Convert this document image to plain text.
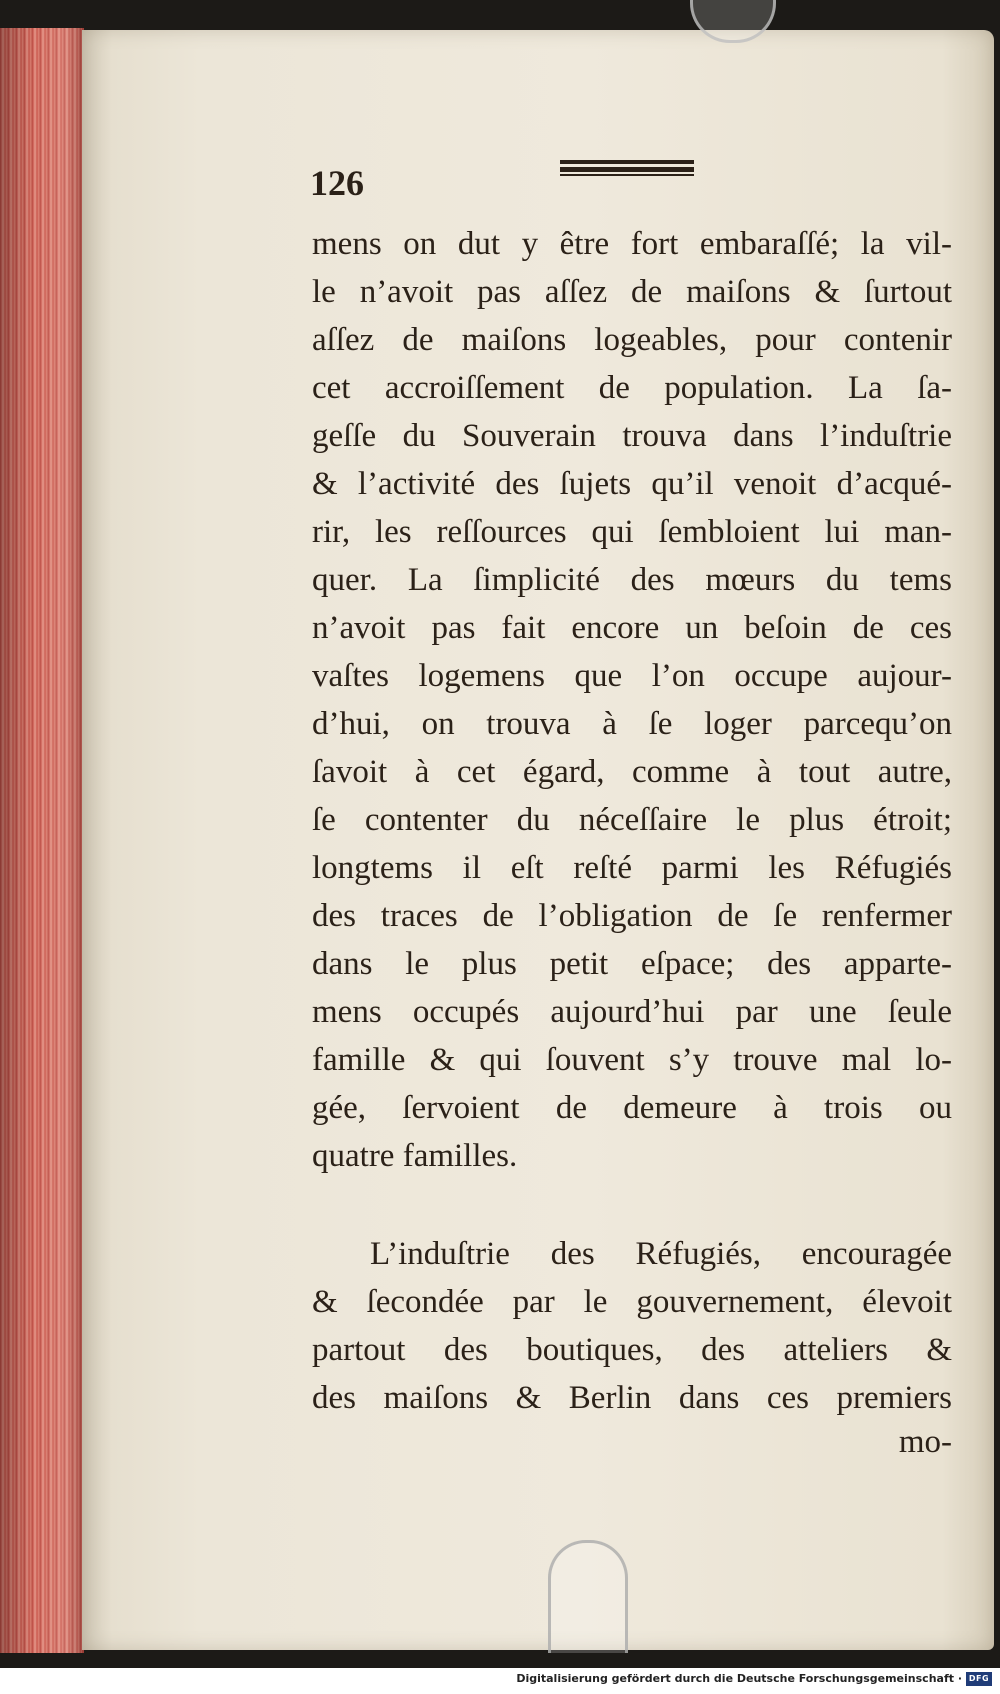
126
mens on dut y être fort embaraſſé; la vil-
le n’avoit pas aſſez de maiſons & ſurtout
aſſez de maiſons logeables, pour contenir
cet accroiſſement de population. La ſa-
geſſe du Souverain trouva dans l’induſtrie
& l’activité des ſujets qu’il venoit d’acqué-
rir, les reſſources qui ſembloient lui man-
quer. La ſimplicité des mœurs du tems
n’avoit pas fait encore un beſoin de ces
vaſtes logemens que l’on occupe aujour-
d’hui, on trouva à ſe loger parcequ’on
ſavoit à cet égard, comme à tout autre,
ſe contenter du néceſſaire le plus étroit;
longtems il eſt reſté parmi les Réfugiés
des traces de l’obligation de ſe renfermer
dans le plus petit eſpace; des apparte-
mens occupés aujourd’hui par une ſeule
famille & qui ſouvent s’y trouve mal lo-
gée, ſervoient de demeure à trois ou
quatre familles.
L’induſtrie des Réfugiés, encouragée
& ſecondée par le gouvernement, élevoit
partout des boutiques, des atteliers &
des maiſons & Berlin dans ces premiers
mo-
Digitalisierung gefördert durch die Deutsche Forschungsgemeinschaft · DFG
